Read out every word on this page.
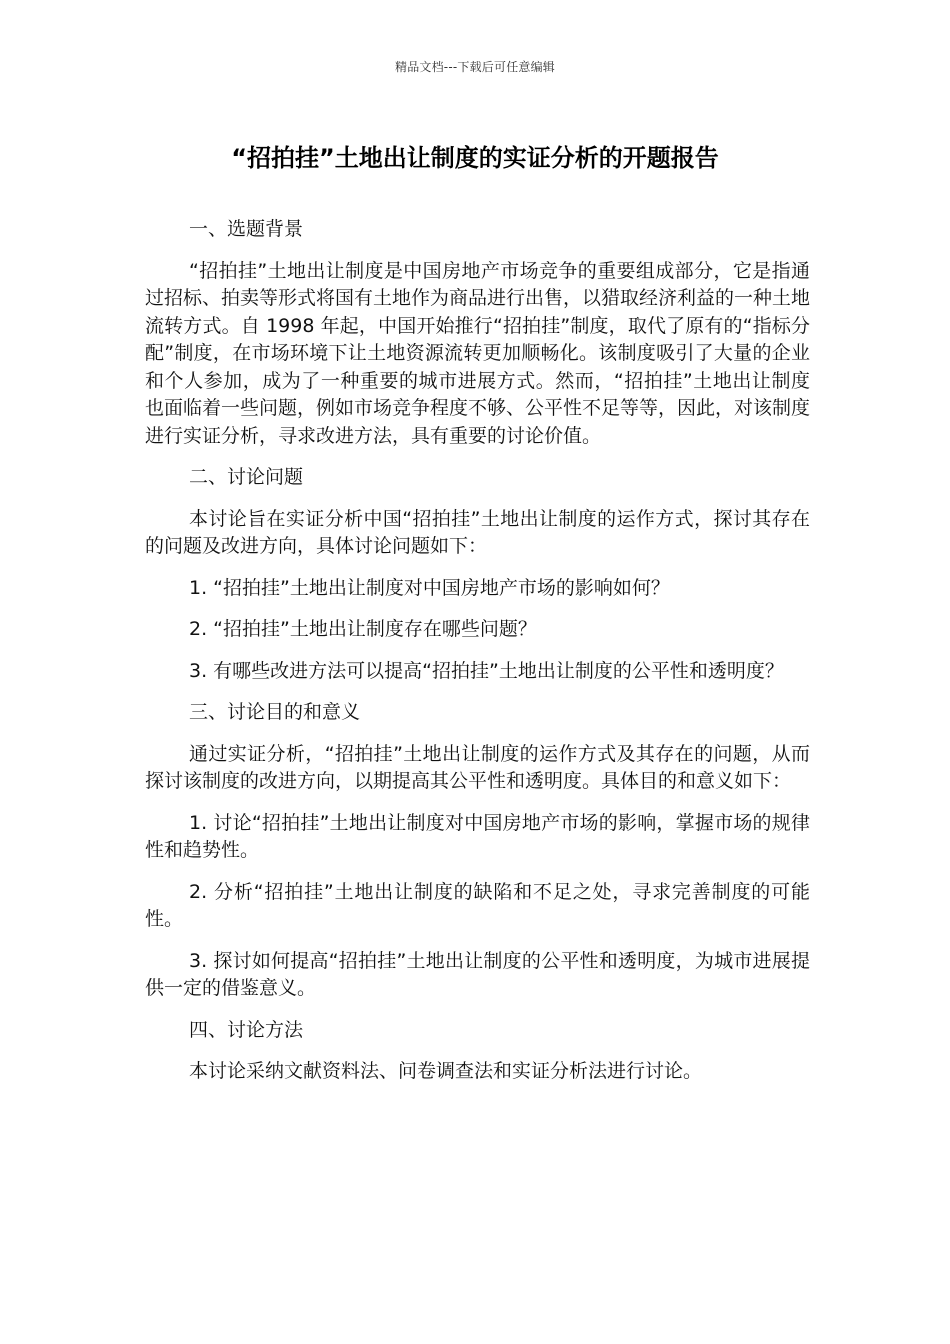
精品文档---下载后可任意编辑
“招拍挂”土地出让制度的实证分析的开题报告

一、选题背景

“招拍挂”土地出让制度是中国房地产市场竞争的重要组成部分，它是指通过招标、拍卖等形式将国有土地作为商品进行出售，以猎取经济利益的一种土地流转方式。自 1998 年起，中国开始推行“招拍挂”制度，取代了原有的“指标分配”制度，在市场环境下让土地资源流转更加顺畅化。该制度吸引了大量的企业和个人参加，成为了一种重要的城市进展方式。然而，“招拍挂”土地出让制度也面临着一些问题，例如市场竞争程度不够、公平性不足等等，因此，对该制度进行实证分析，寻求改进方法，具有重要的讨论价值。

二、讨论问题

本讨论旨在实证分析中国“招拍挂”土地出让制度的运作方式，探讨其存在的问题及改进方向，具体讨论问题如下：

1. “招拍挂”土地出让制度对中国房地产市场的影响如何？

2. “招拍挂”土地出让制度存在哪些问题？

3. 有哪些改进方法可以提高“招拍挂”土地出让制度的公平性和透明度？

三、讨论目的和意义

通过实证分析，“招拍挂”土地出让制度的运作方式及其存在的问题，从而探讨该制度的改进方向，以期提高其公平性和透明度。具体目的和意义如下：

1. 讨论“招拍挂”土地出让制度对中国房地产市场的影响，掌握市场的规律性和趋势性。

2. 分析“招拍挂”土地出让制度的缺陷和不足之处，寻求完善制度的可能性。

3. 探讨如何提高“招拍挂”土地出让制度的公平性和透明度，为城市进展提供一定的借鉴意义。

四、讨论方法

本讨论采纳文献资料法、问卷调查法和实证分析法进行讨论。
